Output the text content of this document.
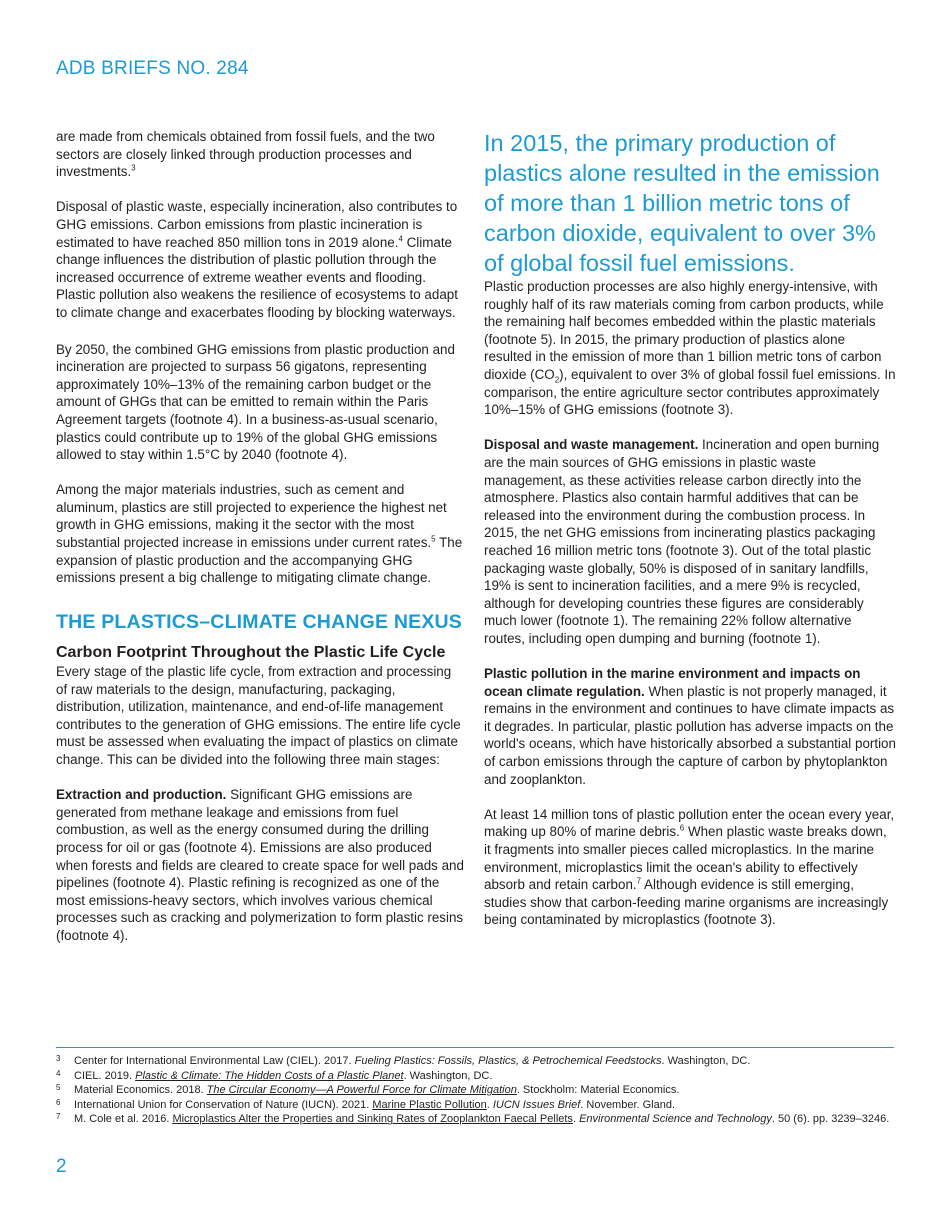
ADB BRIEFS NO. 284

are made from chemicals obtained from fossil fuels, and the two sectors are closely linked through production processes and investments.$^3$

Disposal of plastic waste, especially incineration, also contributes to GHG emissions. Carbon emissions from plastic incineration is estimated to have reached 850 million tons in 2019 alone.$^4$ Climate change influences the distribution of plastic pollution through the increased occurrence of extreme weather events and flooding. Plastic pollution also weakens the resilience of ecosystems to adapt to climate change and exacerbates flooding by blocking waterways.

By 2050, the combined GHG emissions from plastic production and incineration are projected to surpass 56 gigatons, representing approximately 10%–13% of the remaining carbon budget or the amount of GHGs that can be emitted to remain within the Paris Agreement targets (footnote 4). In a business-as-usual scenario, plastics could contribute up to 19% of the global GHG emissions allowed to stay within 1.5°C by 2040 (footnote 4).

Among the major materials industries, such as cement and aluminum, plastics are still projected to experience the highest net growth in GHG emissions, making it the sector with the most substantial projected increase in emissions under current rates.$^5$ The expansion of plastic production and the accompanying GHG emissions present a big challenge to mitigating climate change.

THE PLASTICS–CLIMATE CHANGE NEXUS
Carbon Footprint Throughout the Plastic Life Cycle

Every stage of the plastic life cycle, from extraction and processing of raw materials to the design, manufacturing, packaging, distribution, utilization, maintenance, and end-of-life management contributes to the generation of GHG emissions. The entire life cycle must be assessed when evaluating the impact of plastics on climate change. This can be divided into the following three main stages:

Extraction and production. Significant GHG emissions are generated from methane leakage and emissions from fuel combustion, as well as the energy consumed during the drilling process for oil or gas (footnote 4). Emissions are also produced when forests and fields are cleared to create space for well pads and pipelines (footnote 4). Plastic refining is recognized as one of the most emissions-heavy sectors, which involves various chemical processes such as cracking and polymerization to form plastic resins (footnote 4).

In 2015, the primary production of plastics alone resulted in the emission of more than 1 billion metric tons of carbon dioxide, equivalent to over 3% of global fossil fuel emissions.

Plastic production processes are also highly energy-intensive, with roughly half of its raw materials coming from carbon products, while the remaining half becomes embedded within the plastic materials (footnote 5). In 2015, the primary production of plastics alone resulted in the emission of more than 1 billion metric tons of carbon dioxide $(CO_2)$, equivalent to over 3% of global fossil fuel emissions. In comparison, the entire agriculture sector contributes approximately 10%–15% of GHG emissions (footnote 3).

Disposal and waste management. Incineration and open burning are the main sources of GHG emissions in plastic waste management, as these activities release carbon directly into the atmosphere. Plastics also contain harmful additives that can be released into the environment during the combustion process. In 2015, the net GHG emissions from incinerating plastics packaging reached 16 million metric tons (footnote 3). Out of the total plastic packaging waste globally, 50% is disposed of in sanitary landfills, 19% is sent to incineration facilities, and a mere 9% is recycled, although for developing countries these figures are considerably much lower (footnote 1). The remaining 22% follow alternative routes, including open dumping and burning (footnote 1).

Plastic pollution in the marine environment and impacts on ocean climate regulation. When plastic is not properly managed, it remains in the environment and continues to have climate impacts as it degrades. In particular, plastic pollution has adverse impacts on the world's oceans, which have historically absorbed a substantial portion of carbon emissions through the capture of carbon by phytoplankton and zooplankton.

At least 14 million tons of plastic pollution enter the ocean every year, making up 80% of marine debris.$^6$ When plastic waste breaks down, it fragments into smaller pieces called microplastics. In the marine environment, microplastics limit the ocean's ability to effectively absorb and retain carbon.$^7$ Although evidence is still emerging, studies show that carbon-feeding marine organisms are increasingly being contaminated by microplastics (footnote 3).

3 Center for International Environmental Law (CIEL). 2017. Fueling Plastics: Fossils, Plastics, & Petrochemical Feedstocks. Washington, DC.
4 CIEL. 2019. Plastic & Climate: The Hidden Costs of a Plastic Planet. Washington, DC.
5 Material Economics. 2018. The Circular Economy—A Powerful Force for Climate Mitigation. Stockholm: Material Economics.
6 International Union for Conservation of Nature (IUCN). 2021. Marine Plastic Pollution. IUCN Issues Brief. November. Gland.
7 M. Cole et al. 2016. Microplastics Alter the Properties and Sinking Rates of Zooplankton Faecal Pellets. Environmental Science and Technology. 50 (6). pp. 3239–3246.
2
